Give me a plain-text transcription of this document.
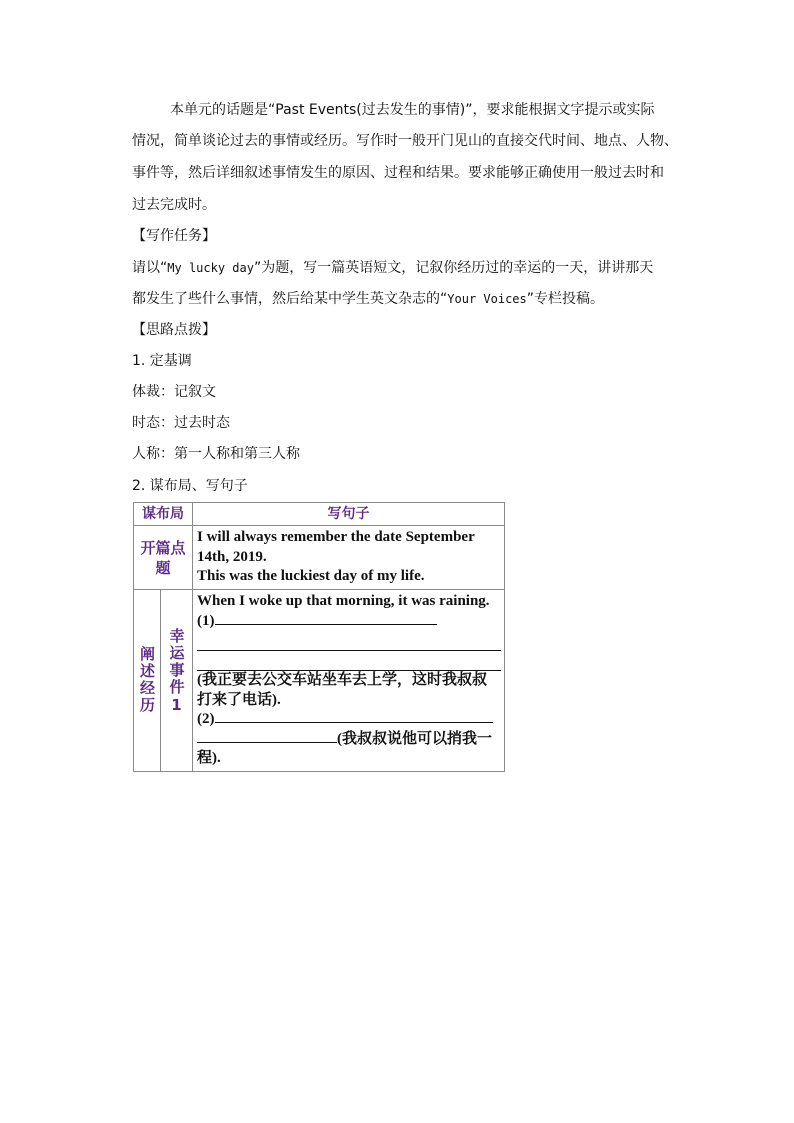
本单元的话题是“Past Events(过去发生的事情)”，要求能根据文字提示或实际
情况，简单谈论过去的事情或经历。写作时一般开门见山的直接交代时间、地点、人物、
事件等，然后详细叙述事情发生的原因、过程和结果。要求能够正确使用一般过去时和
过去完成时。
【写作任务】
请以“My lucky day”为题，写一篇英语短文，记叙你经历过的幸运的一天，讲讲那天
都发生了些什么事情，然后给某中学生英文杂志的“Your Voices”专栏投稿。
【思路点拨】
1. 定基调
体裁：记叙文
时态：过去时态
人称：第一人称和第三人称
2. 谋布局、写句子
谋布局		写句子

开篇点题		I will always remember the date September 14th, 2019.
This was the luckiest day of my life.

阐述经历	幸运事件1	When I woke up that morning, it was raining. (1)
(我正要去公交车站坐车去上学，这时我叔叔打来了电话).
(2)
(我叔叔说他可以捎我一程).
